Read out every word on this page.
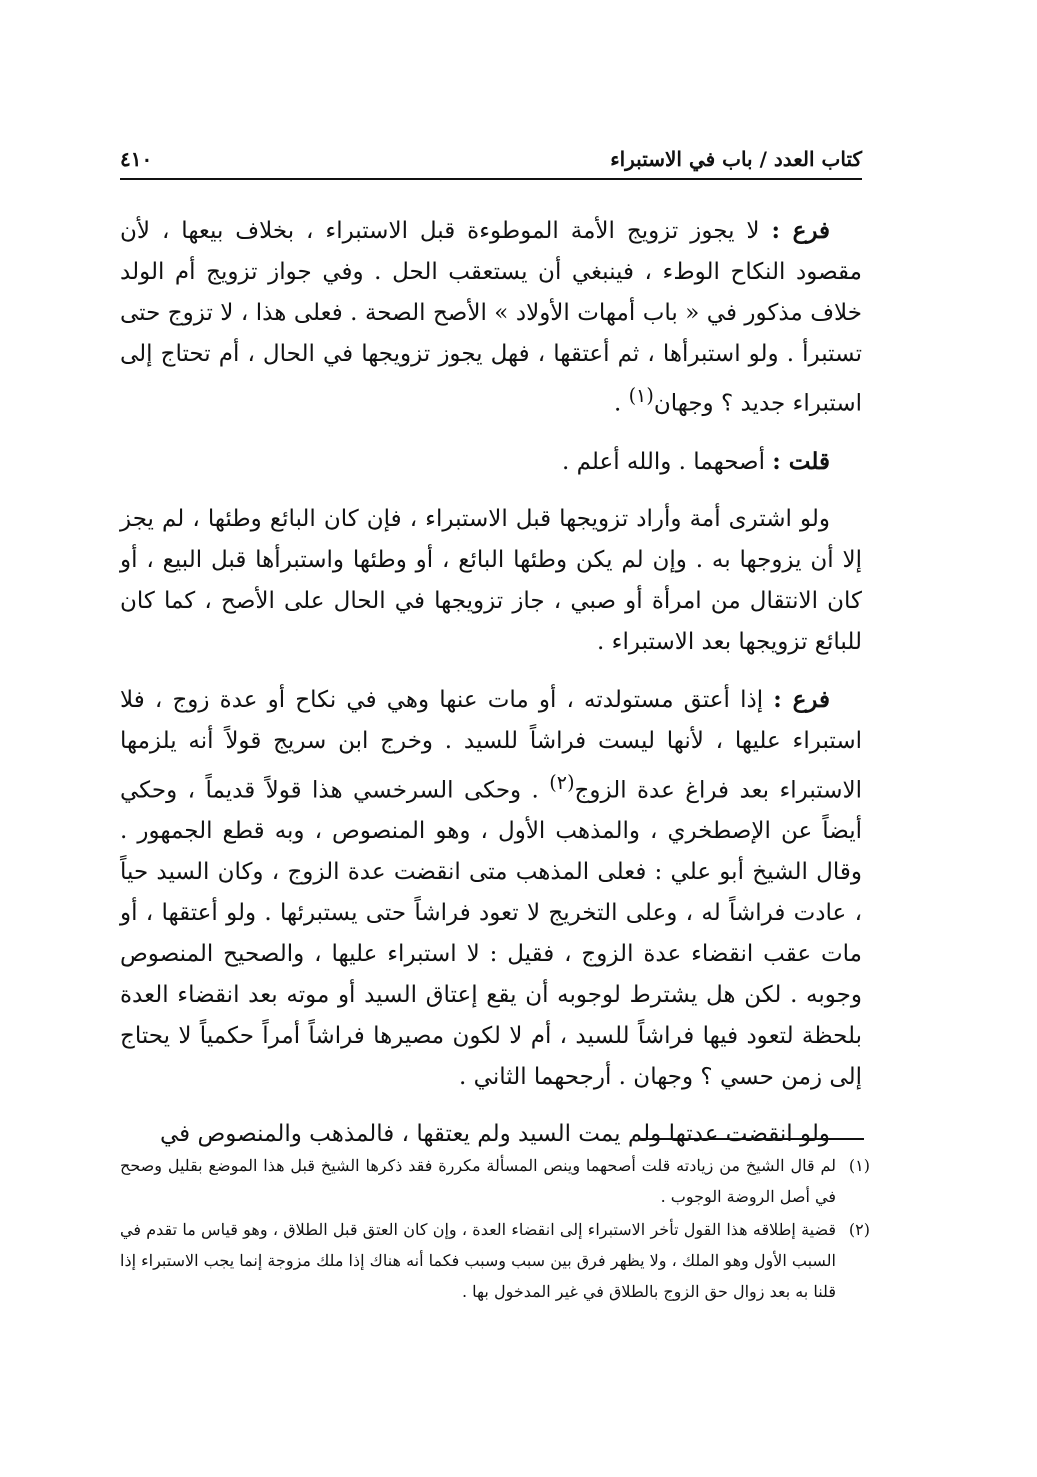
كتاب العدد / باب في الاستبراء
٤١٠

فرع : لا يجوز تزويج الأمة الموطوءة قبل الاستبراء ، بخلاف بيعها ، لأن مقصود النكاح الوطء ، فينبغي أن يستعقب الحل . وفي جواز تزويج أم الولد خلاف مذكور في « باب أمهات الأولاد » الأصح الصحة . فعلى هذا ، لا تزوج حتى تستبرأ . ولو استبرأها ، ثم أعتقها ، فهل يجوز تزويجها في الحال ، أم تحتاج إلى استبراء جديد ؟ وجهان$^{(١)}$ .

قلت : أصحهما . والله أعلم .

ولو اشترى أمة وأراد تزويجها قبل الاستبراء ، فإن كان البائع وطئها ، لم يجز إلا أن يزوجها به . وإن لم يكن وطئها البائع ، أو وطئها واستبرأها قبل البيع ، أو كان الانتقال من امرأة أو صبي ، جاز تزويجها في الحال على الأصح ، كما كان للبائع تزويجها بعد الاستبراء .

فرع : إذا أعتق مستولدته ، أو مات عنها وهي في نكاح أو عدة زوج ، فلا استبراء عليها ، لأنها ليست فراشاً للسيد . وخرج ابن سريج قولاً أنه يلزمها الاستبراء بعد فراغ عدة الزوج$^{(٢)}$ . وحكى السرخسي هذا قولاً قديماً ، وحكي أيضاً عن الإصطخري ، والمذهب الأول ، وهو المنصوص ، وبه قطع الجمهور . وقال الشيخ أبو علي : فعلى المذهب متى انقضت عدة الزوج ، وكان السيد حياً ، عادت فراشاً له ، وعلى التخريج لا تعود فراشاً حتى يستبرئها . ولو أعتقها ، أو مات عقب انقضاء عدة الزوج ، فقيل : لا استبراء عليها ، والصحيح المنصوص وجوبه . لكن هل يشترط لوجوبه أن يقع إعتاق السيد أو موته بعد انقضاء العدة بلحظة لتعود فيها فراشاً للسيد ، أم لا لكون مصيرها فراشاً أمراً حكمياً لا يحتاج إلى زمن حسي ؟ وجهان . أرجحهما الثاني .

ولو انقضت عدتها ولم يمت السيد ولم يعتقها ، فالمذهب والمنصوص في

(١)
لم قال الشيخ من زيادته قلت أصحهما وينص المسألة مكررة فقد ذكرها الشيخ قبل هذا الموضع بقليل وصحح في أصل الروضة الوجوب .
(٢)
قضية إطلاقه هذا القول تأخر الاستبراء إلى انقضاء العدة ، وإن كان العتق قبل الطلاق ، وهو قياس ما تقدم في السبب الأول وهو الملك ، ولا يظهر فرق بين سبب وسبب فكما أنه هناك إذا ملك مزوجة إنما يجب الاستبراء إذا قلنا به بعد زوال حق الزوج بالطلاق في غير المدخول بها .
